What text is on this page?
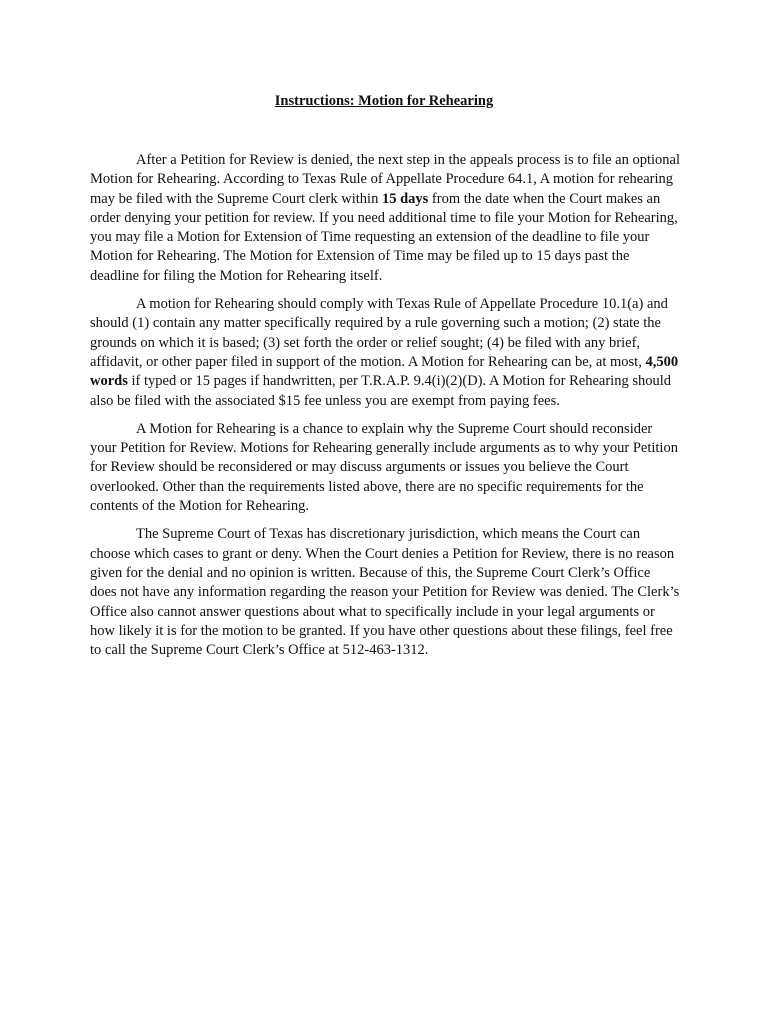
Instructions: Motion for Rehearing

After a Petition for Review is denied, the next step in the appeals process is to file an optional Motion for Rehearing. According to Texas Rule of Appellate Procedure 64.1, A motion for rehearing may be filed with the Supreme Court clerk within 15 days from the date when the Court makes an order denying your petition for review. If you need additional time to file your Motion for Rehearing, you may file a Motion for Extension of Time requesting an extension of the deadline to file your Motion for Rehearing. The Motion for Extension of Time may be filed up to 15 days past the deadline for filing the Motion for Rehearing itself.

A motion for Rehearing should comply with Texas Rule of Appellate Procedure 10.1(a) and should (1) contain any matter specifically required by a rule governing such a motion; (2) state the grounds on which it is based; (3) set forth the order or relief sought; (4) be filed with any brief, affidavit, or other paper filed in support of the motion. A Motion for Rehearing can be, at most, 4,500 words if typed or 15 pages if handwritten, per T.R.A.P. 9.4(i)(2)(D). A Motion for Rehearing should also be filed with the associated $15 fee unless you are exempt from paying fees.

A Motion for Rehearing is a chance to explain why the Supreme Court should reconsider your Petition for Review. Motions for Rehearing generally include arguments as to why your Petition for Review should be reconsidered or may discuss arguments or issues you believe the Court overlooked. Other than the requirements listed above, there are no specific requirements for the contents of the Motion for Rehearing.

The Supreme Court of Texas has discretionary jurisdiction, which means the Court can choose which cases to grant or deny. When the Court denies a Petition for Review, there is no reason given for the denial and no opinion is written. Because of this, the Supreme Court Clerk’s Office does not have any information regarding the reason your Petition for Review was denied. The Clerk’s Office also cannot answer questions about what to specifically include in your legal arguments or how likely it is for the motion to be granted. If you have other questions about these filings, feel free to call the Supreme Court Clerk’s Office at 512-463-1312.
